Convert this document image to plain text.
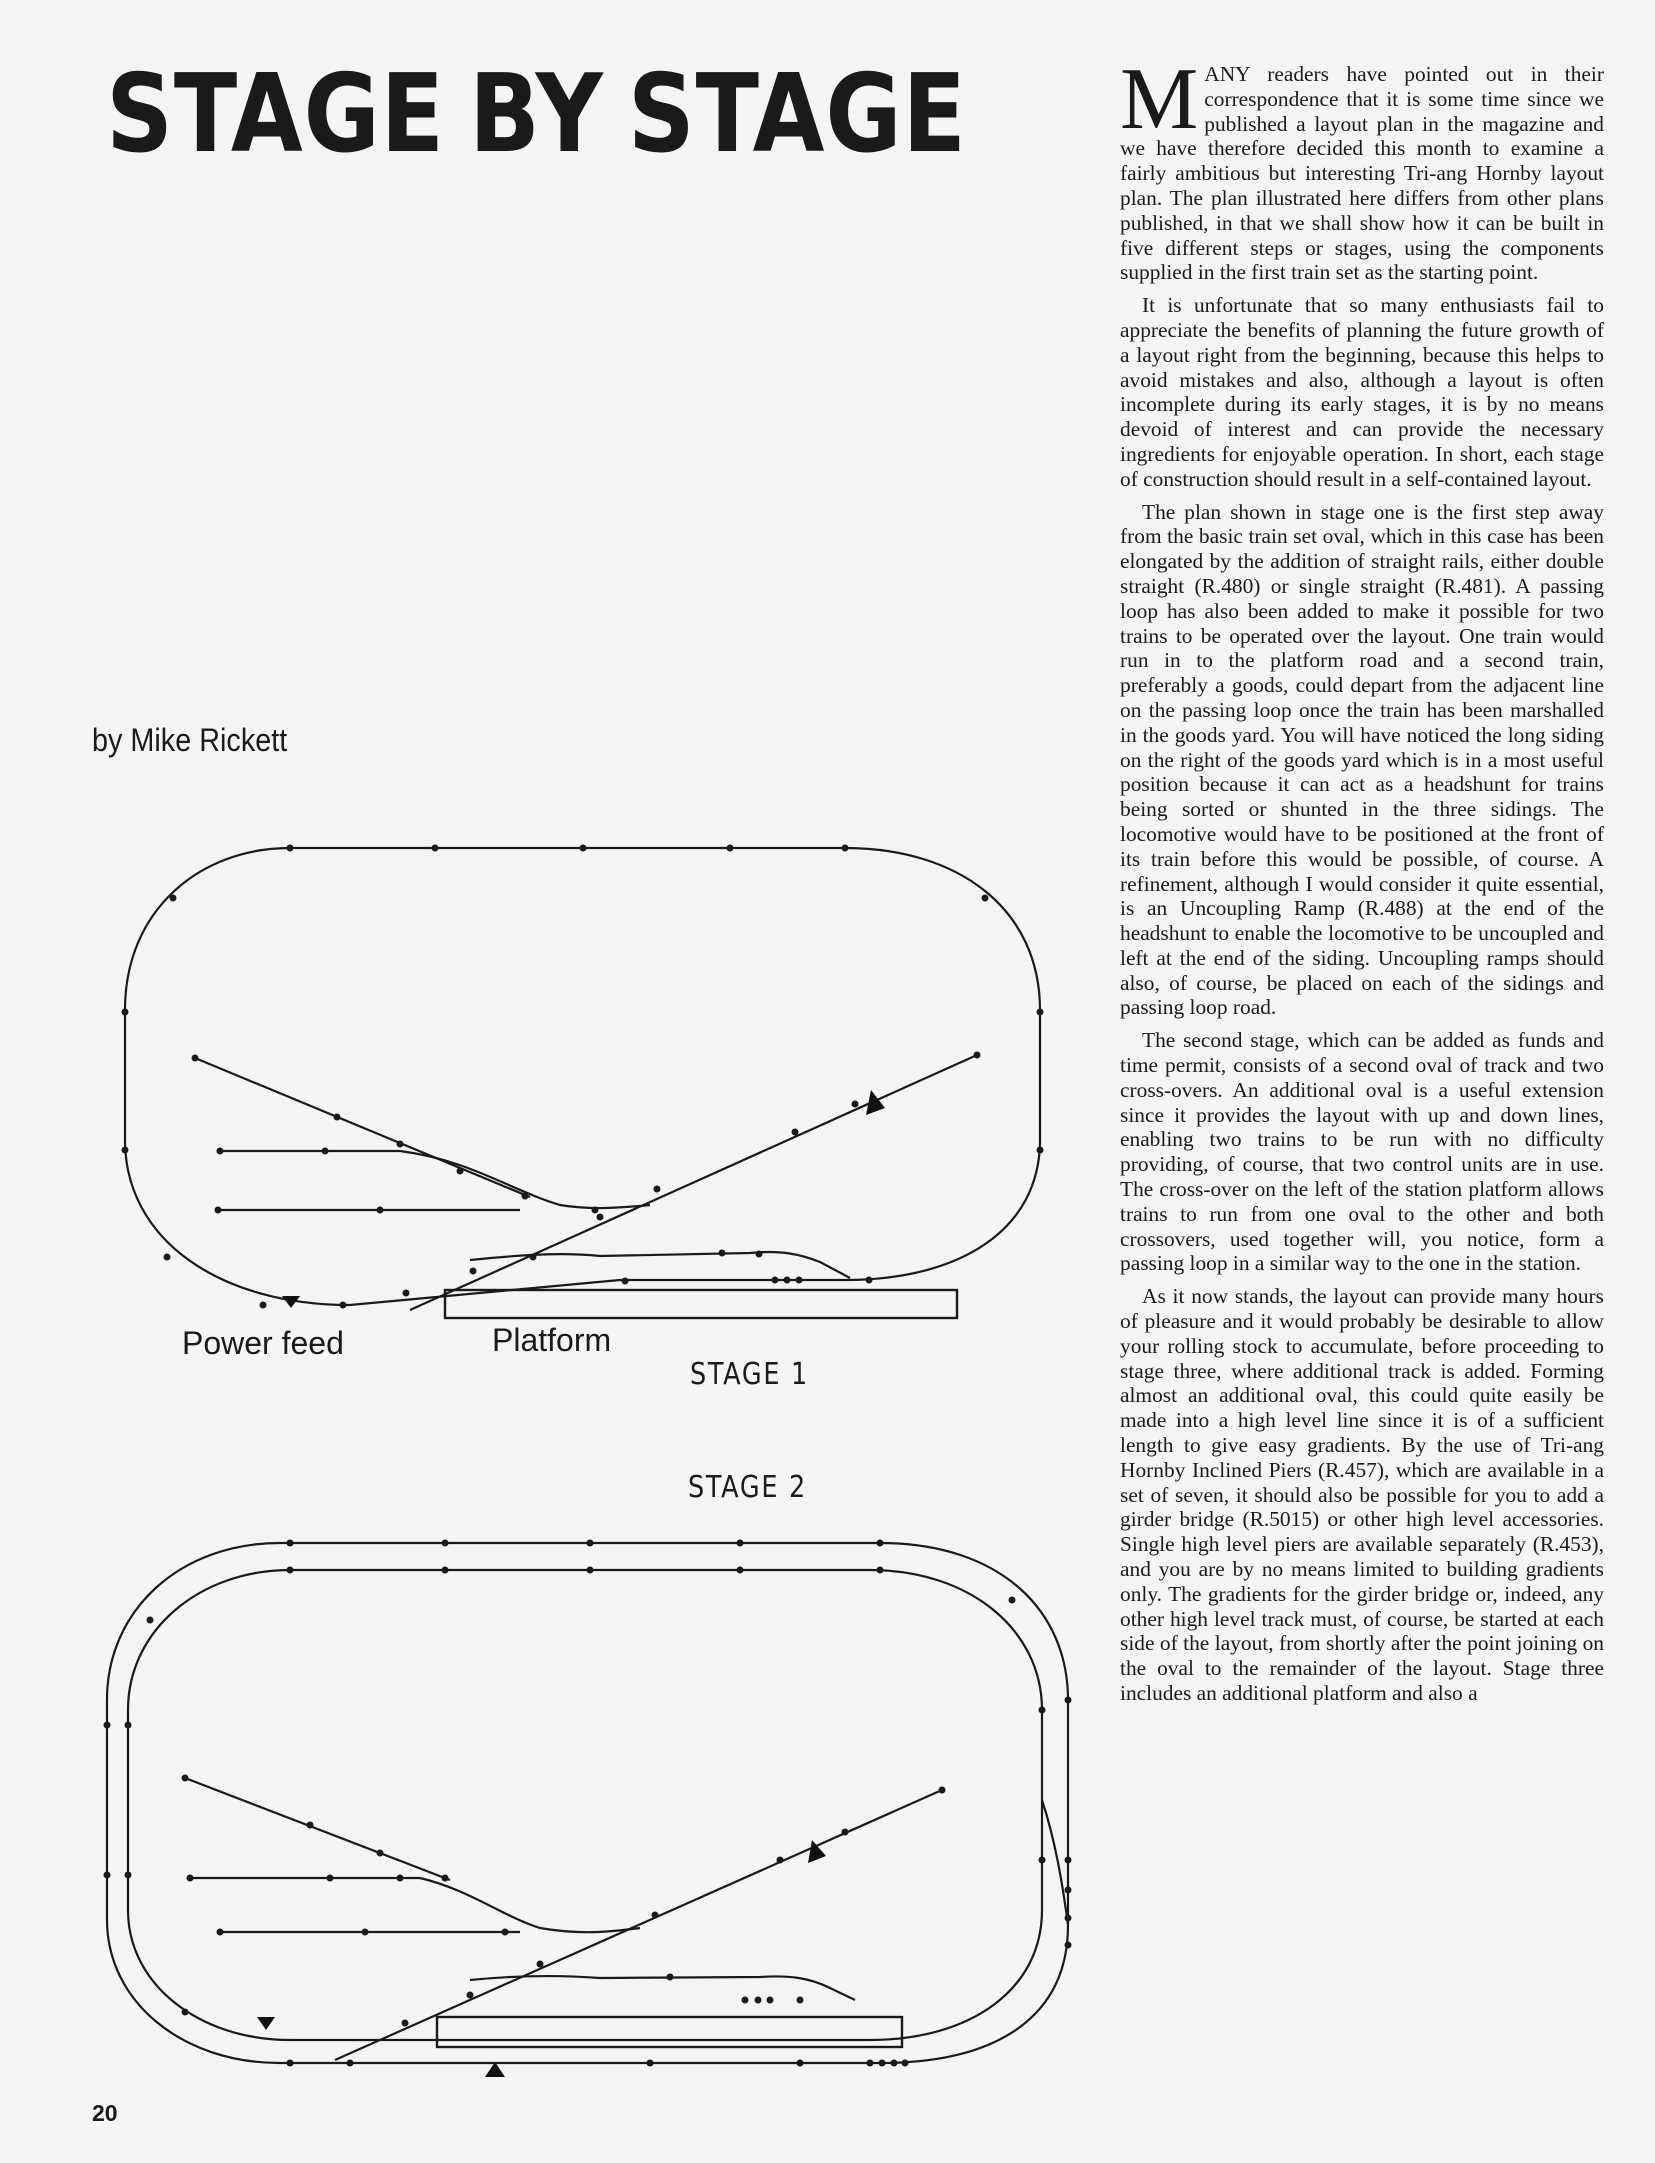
STAGE BY STAGE
by Mike Rickett
Power feed	Platform
STAGE 1
STAGE 2

MANY readers have pointed out in their correspondence that it is some time since we published a layout plan in the magazine and we have therefore decided this month to examine a fairly ambitious but interesting Tri-ang Hornby layout plan. The plan illustrated here differs from other plans published, in that we shall show how it can be built in five different steps or stages, using the components supplied in the first train set as the starting point.

It is unfortunate that so many enthusiasts fail to appreciate the benefits of planning the future growth of a layout right from the beginning, because this helps to avoid mistakes and also, although a layout is often incomplete during its early stages, it is by no means devoid of interest and can provide the necessary ingredients for enjoyable operation. In short, each stage of construction should result in a self-contained layout.

The plan shown in stage one is the first step away from the basic train set oval, which in this case has been elongated by the addition of straight rails, either double straight (R.480) or single straight (R.481). A passing loop has also been added to make it possible for two trains to be operated over the layout. One train would run in to the platform road and a second train, preferably a goods, could depart from the adjacent line on the passing loop once the train has been marshalled in the goods yard. You will have noticed the long siding on the right of the goods yard which is in a most useful position because it can act as a headshunt for trains being sorted or shunted in the three sidings. The locomotive would have to be positioned at the front of its train before this would be possible, of course. A refinement, although I would consider it quite essential, is an Uncoupling Ramp (R.488) at the end of the headshunt to enable the locomotive to be uncoupled and left at the end of the siding. Uncoupling ramps should also, of course, be placed on each of the sidings and passing loop road.

The second stage, which can be added as funds and time permit, consists of a second oval of track and two cross-overs. An additional oval is a useful extension since it provides the layout with up and down lines, enabling two trains to be run with no difficulty providing, of course, that two control units are in use. The cross-over on the left of the station platform allows trains to run from one oval to the other and both crossovers, used together will, you notice, form a passing loop in a similar way to the one in the station.

As it now stands, the layout can provide many hours of pleasure and it would probably be desirable to allow your rolling stock to accumulate, before proceeding to stage three, where additional track is added. Forming almost an additional oval, this could quite easily be made into a high level line since it is of a sufficient length to give easy gradients. By the use of Tri-ang Hornby Inclined Piers (R.457), which are available in a set of seven, it should also be possible for you to add a girder bridge (R.5015) or other high level accessories. Single high level piers are available separately (R.453), and you are by no means limited to building gradients only. The gradients for the girder bridge or, indeed, any other high level track must, of course, be started at each side of the layout, from shortly after the point joining on the oval to the remainder of the layout. Stage three includes an additional platform and also a

20
